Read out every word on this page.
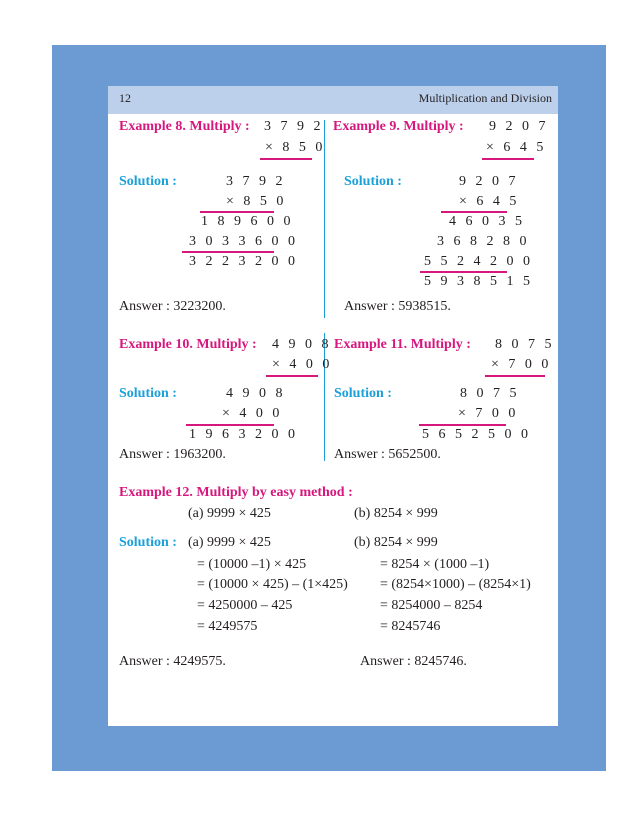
12	Multiplication and Division
Example 8. Multiply : 3 7 9 2
× 8 5 0
Solution :	3 7 9 2
× 8 5 0
1 8 9 6 0 0
3 0 3 3 6 0 0
3 2 2 3 2 0 0
Answer : 3223200.
Example 9. Multiply : 9 2 0 7
× 6 4 5
Solution :	9 2 0 7
× 6 4 5
4 6 0 3 5
3 6 8 2 8 0
5 5 2 4 2 0 0
5 9 3 8 5 1 5
Answer : 5938515.
Example 10. Multiply : 4 9 0 8
× 4 0 0
Solution :	4 9 0 8
× 4 0 0
1 9 6 3 2 0 0
Answer : 1963200.
Example 11. Multiply : 8 0 7 5
× 7 0 0
Solution :	8 0 7 5
× 7 0 0
5 6 5 2 5 0 0
Answer : 5652500.
Example 12. Multiply by easy method :
(a) 9999 × 425	(b) 8254 × 999
Solution : (a) 9999 × 425
= (10000 –1) × 425
= (10000 × 425) – (1×425)
= 4250000 – 425
= 4249575
(b) 8254 × 999
= 8254 × (1000 –1)
= (8254×1000) – (8254×1)
= 8254000 – 8254
= 8245746
Answer : 4249575.	Answer : 8245746.
